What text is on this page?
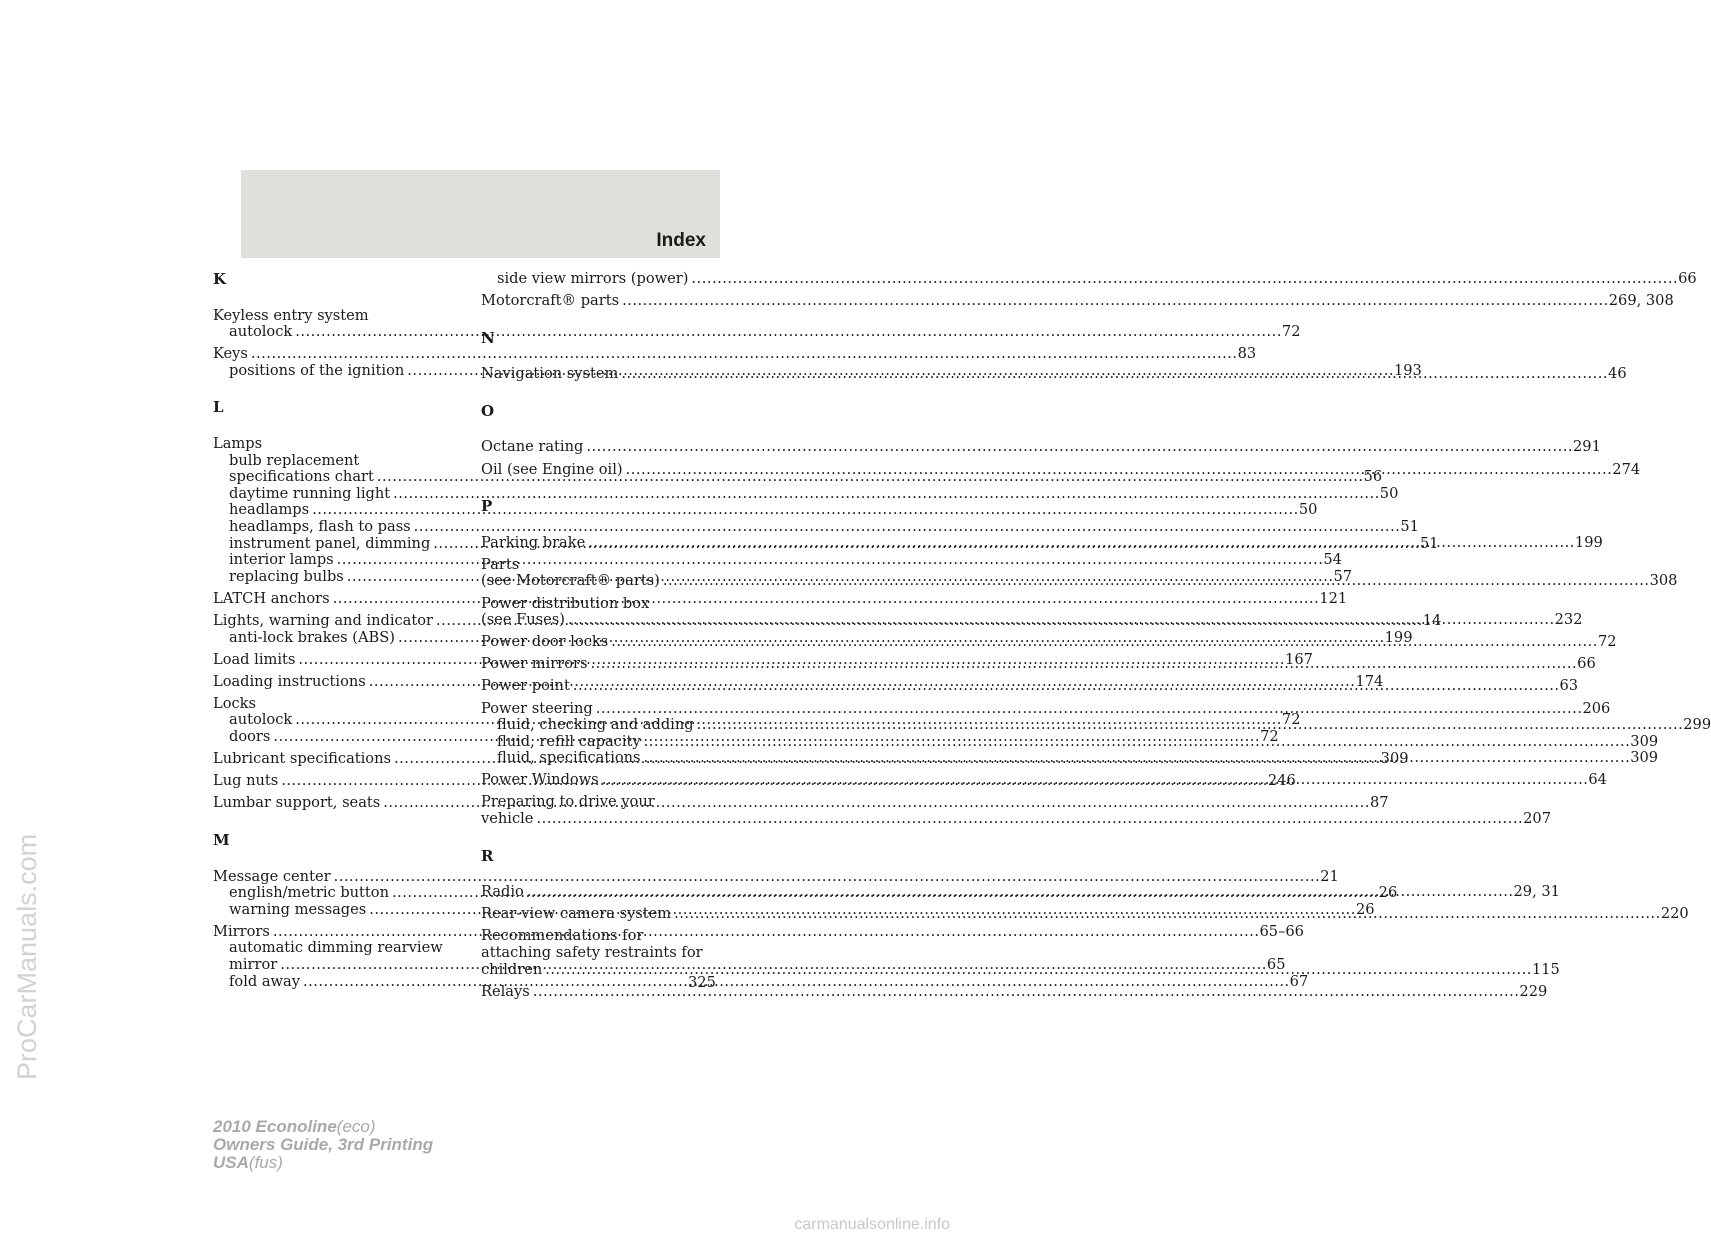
Index
K
Keyless entry system
autolock .....	72
Keys .....	83
positions of the ignition .....	193
L
Lamps
bulb replacement
specifications chart .....	56
daytime running light .....	50
headlamps .....	50
headlamps, flash to pass .....	51
instrument panel, dimming .....	51
interior lamps .....	54
replacing bulbs .....	57
LATCH anchors .....	121
Lights, warning and indicator .....	14
anti-lock brakes (ABS) .....	199
Load limits .....	167
Loading instructions .....	174
Locks
autolock .....	72
doors .....	72
Lubricant specifications .....	309
Lug nuts .....	246
Lumbar support, seats .....	87
M
Message center .....	21
english/metric button .....	26
warning messages .....	26
Mirrors .....	65–66
automatic dimming rearview
mirror .....	65
fold away .....	67
side view mirrors (power) .....	66
Motorcraft® parts .....	269, 308
N
Navigation system .....	46
O
Octane rating .....	291
Oil (see Engine oil) .....	274
P
Parking brake .....	199
Parts
(see Motorcraft® parts) .....	308
Power distribution box
(see Fuses) .....	232
Power door locks .....	72
Power mirrors .....	66
Power point .....	63
Power steering .....	206
fluid, checking and adding .....	299
fluid, refill capacity .....	309
fluid, specifications .....	309
Power Windows .....	64
Preparing to drive your
vehicle .....	207
R
Radio .....	29, 31
Rear-view camera system .....	220
Recommendations for
attaching safety restraints for
children .....	115
Relays .....	229
325
2010 Econoline(eco)
Owners Guide, 3rd Printing
USA(fus)
ProCarManuals.com
carmanualsonline.info
